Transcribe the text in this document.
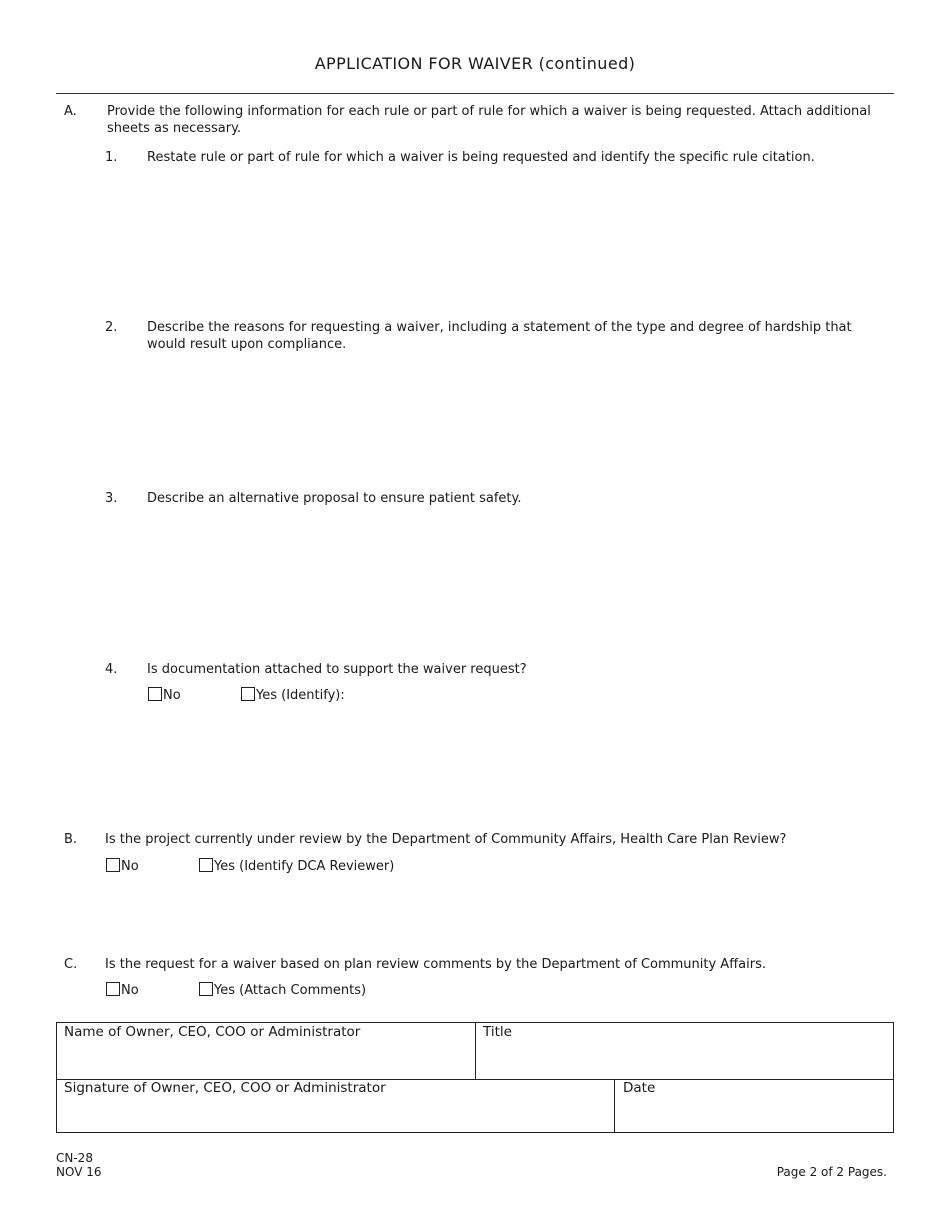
APPLICATION FOR WAIVER (continued)
A. Provide the following information for each rule or part of rule for which a waiver is being requested. Attach additional
sheets as necessary.
1. Restate rule or part of rule for which a waiver is being requested and identify the specific rule citation.
2. Describe the reasons for requesting a waiver, including a statement of the type and degree of hardship that
would result upon compliance.
3. Describe an alternative proposal to ensure patient safety.
4. Is documentation attached to support the waiver request?
No	Yes (Identify):
B. Is the project currently under review by the Department of Community Affairs, Health Care Plan Review?
No	Yes (Identify DCA Reviewer)
C. Is the request for a waiver based on plan review comments by the Department of Community Affairs.
No	Yes (Attach Comments)
Name of Owner, CEO, COO or Administrator	Title
Signature of Owner, CEO, COO or Administrator	Date
CN-28
NOV 16	Page 2 of 2 Pages.
